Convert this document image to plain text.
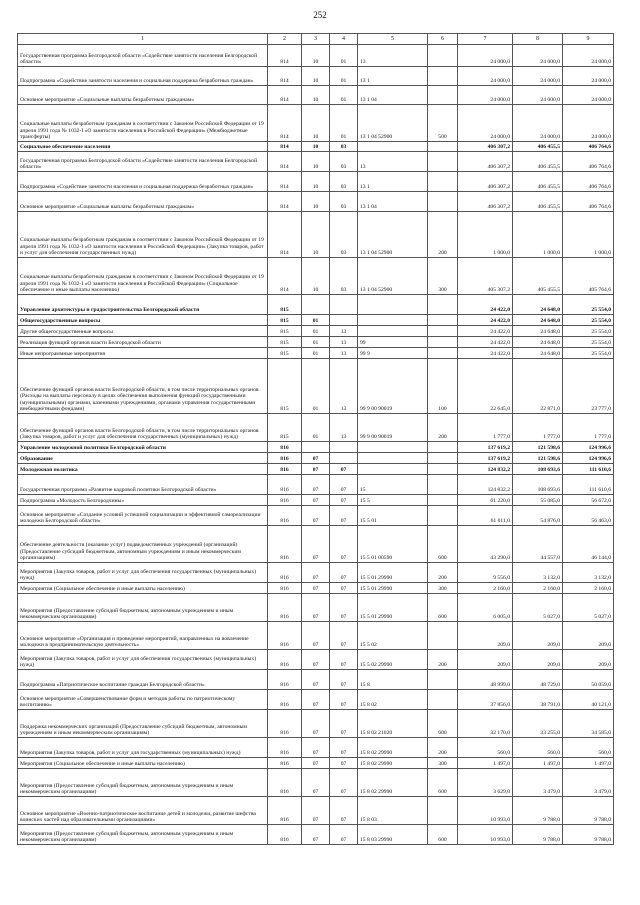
252
1	2	3	4	5	6	7	8	9
Государственная программа Белгородской области «Содействие занятости населения Белгородской области»	814	10	01	13		24 000,0	24 000,0	24 000,0
Подпрограмма «Содействие занятости населения и социальная поддержка безработных граждан»	814	10	01	13 1		24 000,0	24 000,0	24 000,0
Основное мероприятие «Социальные выплаты безработным гражданам»	814	10	01	13 1 04		24 000,0	24 000,0	24 000,0
Социальные выплаты безработным гражданам в соответствии с Законом Российской Федерации от 19 апреля 1991 года № 1032-I «О занятости населения в Российской Федерации» (Межбюджетные трансферты)	814	10	01	13 1 04 52900	500	24 000,0	24 000,0	24 000,0
Социальное обеспечение населения	814	10	03			406 307,2	406 455,5	406 764,6
Государственная программа Белгородской области «Содействие занятости населения Белгородской области»	814	10	03	13		406 307,2	406 455,5	406 764,6
Подпрограмма «Содействие занятости населения и социальная поддержка безработных граждан»	814	10	03	13 1		406 307,2	406 455,5	406 764,6
Основное мероприятие «Социальные выплаты безработным гражданам»	814	10	03	13 1 04		406 307,2	406 455,5	406 764,6
Социальные выплаты безработным гражданам в соответствии с Законом Российской Федерации от 19 апреля 1991 года № 1032-I «О занятости населения в Российской Федерации» (Закупка товаров, работ и услуг для обеспечения государственных нужд)	814	10	03	13 1 04 52900	200	1 000,0	1 000,0	1 000,0
Социальные выплаты безработным гражданам в соответствии с Законом Российской Федерации от 19 апреля 1991 года № 1032-I «О занятости населения в Российской Федерации» (Социальное обеспечение и иные выплаты населению)	814	10	03	13 1 04 52900	300	405 307,2	405 455,5	405 764,6
Управление архитектуры и градостроительства Белгородской области	815					24 422,0	24 648,0	25 554,0
Общегосударственные вопросы	815	01				24 422,0	24 648,0	25 554,0
Другие общегосударственные вопросы	815	01	13			24 422,0	24 648,0	25 554,0
Реализация функций органов власти Белгородской области	815	01	13	99		24 422,0	24 648,0	25 554,0
Иные непрограммные мероприятия	815	01	13	99 9		24 422,0	24 648,0	25 554,0
Обеспечение функций органов власти Белгородской области, в том числе территориальных органов (Расходы на выплаты персоналу в целях обеспечения выполнения функций государственными (муниципальными) органами, казенными учреждениями, органами управления государственными внебюджетными фондами)	815	01	13	99 9 00 90019	100	22 645,0	22 871,0	23 777,0
Обеспечение функций органов власти Белгородской области, в том числе территориальных органов (Закупка товаров, работ и услуг для обеспечения государственных (муниципальных) нужд)	815	01	13	99 9 00 90019	200	1 777,0	1 777,0	1 777,0
Управление молодежной политики Белгородской области	816					137 619,2	121 598,6	124 996,6
Образование	816	07				137 619,2	121 598,6	124 996,6
Молодежная политика	816	07	07			124 832,2	108 693,6	111 610,6
Государственная программа «Развитие кадровой политики Белгородской области»	816	07	07	15		124 832,2	108 693,6	111 610,6
Подпрограмма «Молодость Белгородчины»	816	07	07	15 5		61 220,0	55 085,0	56 672,0
Основное мероприятие «Создание условий успешной социализации и эффективной самореализации молодежи Белгородской области»	816	07	07	15 5 01		61 011,0	54 876,0	56 463,0
Обеспечение деятельности (оказание услуг) подведомственных учреждений (организаций) (Предоставление субсидий бюджетным, автономным учреждениям и иным некоммерческим организациям)	816	07	07	15 5 01 00590	600	43 290,0	44 557,0	46 144,0
Мероприятия (Закупка товаров, работ и услуг для обеспечения государственных (муниципальных) нужд)	816	07	07	15 5 01 29990	200	9 556,0	3 132,0	3 132,0
Мероприятия (Социальное обеспечение и иные выплаты населению)	816	07	07	15 5 01 29990	300	2 160,0	2 160,0	2 160,0
Мероприятия (Предоставление субсидий бюджетным, автономным учреждениям и иным некоммерческим организациям)	816	07	07	15 5 01 29990	600	6 005,0	5 027,0	5 027,0
Основное мероприятие «Организация и проведение мероприятий, направленных на вовлечение молодежи в предпринимательскую деятельность»	816	07	07	15 5 02		209,0	209,0	209,0
Мероприятия (Закупка товаров, работ и услуг для обеспечения государственных (муниципальных) нужд)	816	07	07	15 5 02 29990	200	209,0	209,0	209,0
Подпрограмма «Патриотическое воспитание граждан Белгородской области»	816	07	07	15 8		48 999,0	48 729,0	50 059,0
Основное мероприятие «Совершенствование форм и методов работы по патриотическому воспитанию»	816	07	07	15 8 02		37 856,0	38 791,0	40 121,0
Поддержка некоммерческих организаций (Предоставление субсидий бюджетным, автономным учреждениям и иным некоммерческим организациям)	816	07	07	15 8 02 21020	600	32 170,0	33 255,0	34 585,0
Мероприятия (Закупка товаров, работ и услуг для государственных (муниципальных) нужд)	816	07	07	15 8 02 29990	200	560,0	560,0	560,0
Мероприятия (Социальное обеспечение и иные выплаты населению)	816	07	07	15 8 02 29990	300	1 497,0	1 497,0	1 497,0
Мероприятия (Предоставление субсидий бюджетным, автономным учреждениям и иным некоммерческим организациям)	816	07	07	15 8 02 29990	600	3 629,0	3 479,0	3 479,0
Основное мероприятие «Военно-патриотическое воспитание детей и молодежи, развитие шефства воинских частей над образовательными организациями»	816	07	07	15 8 03		10 993,0	9 788,0	9 788,0
Мероприятия (Предоставление субсидий бюджетным, автономным учреждениям и иным некоммерческим организациям)	816	07	07	15 8 03 29990	600	10 993,0	9 788,0	9 788,0
